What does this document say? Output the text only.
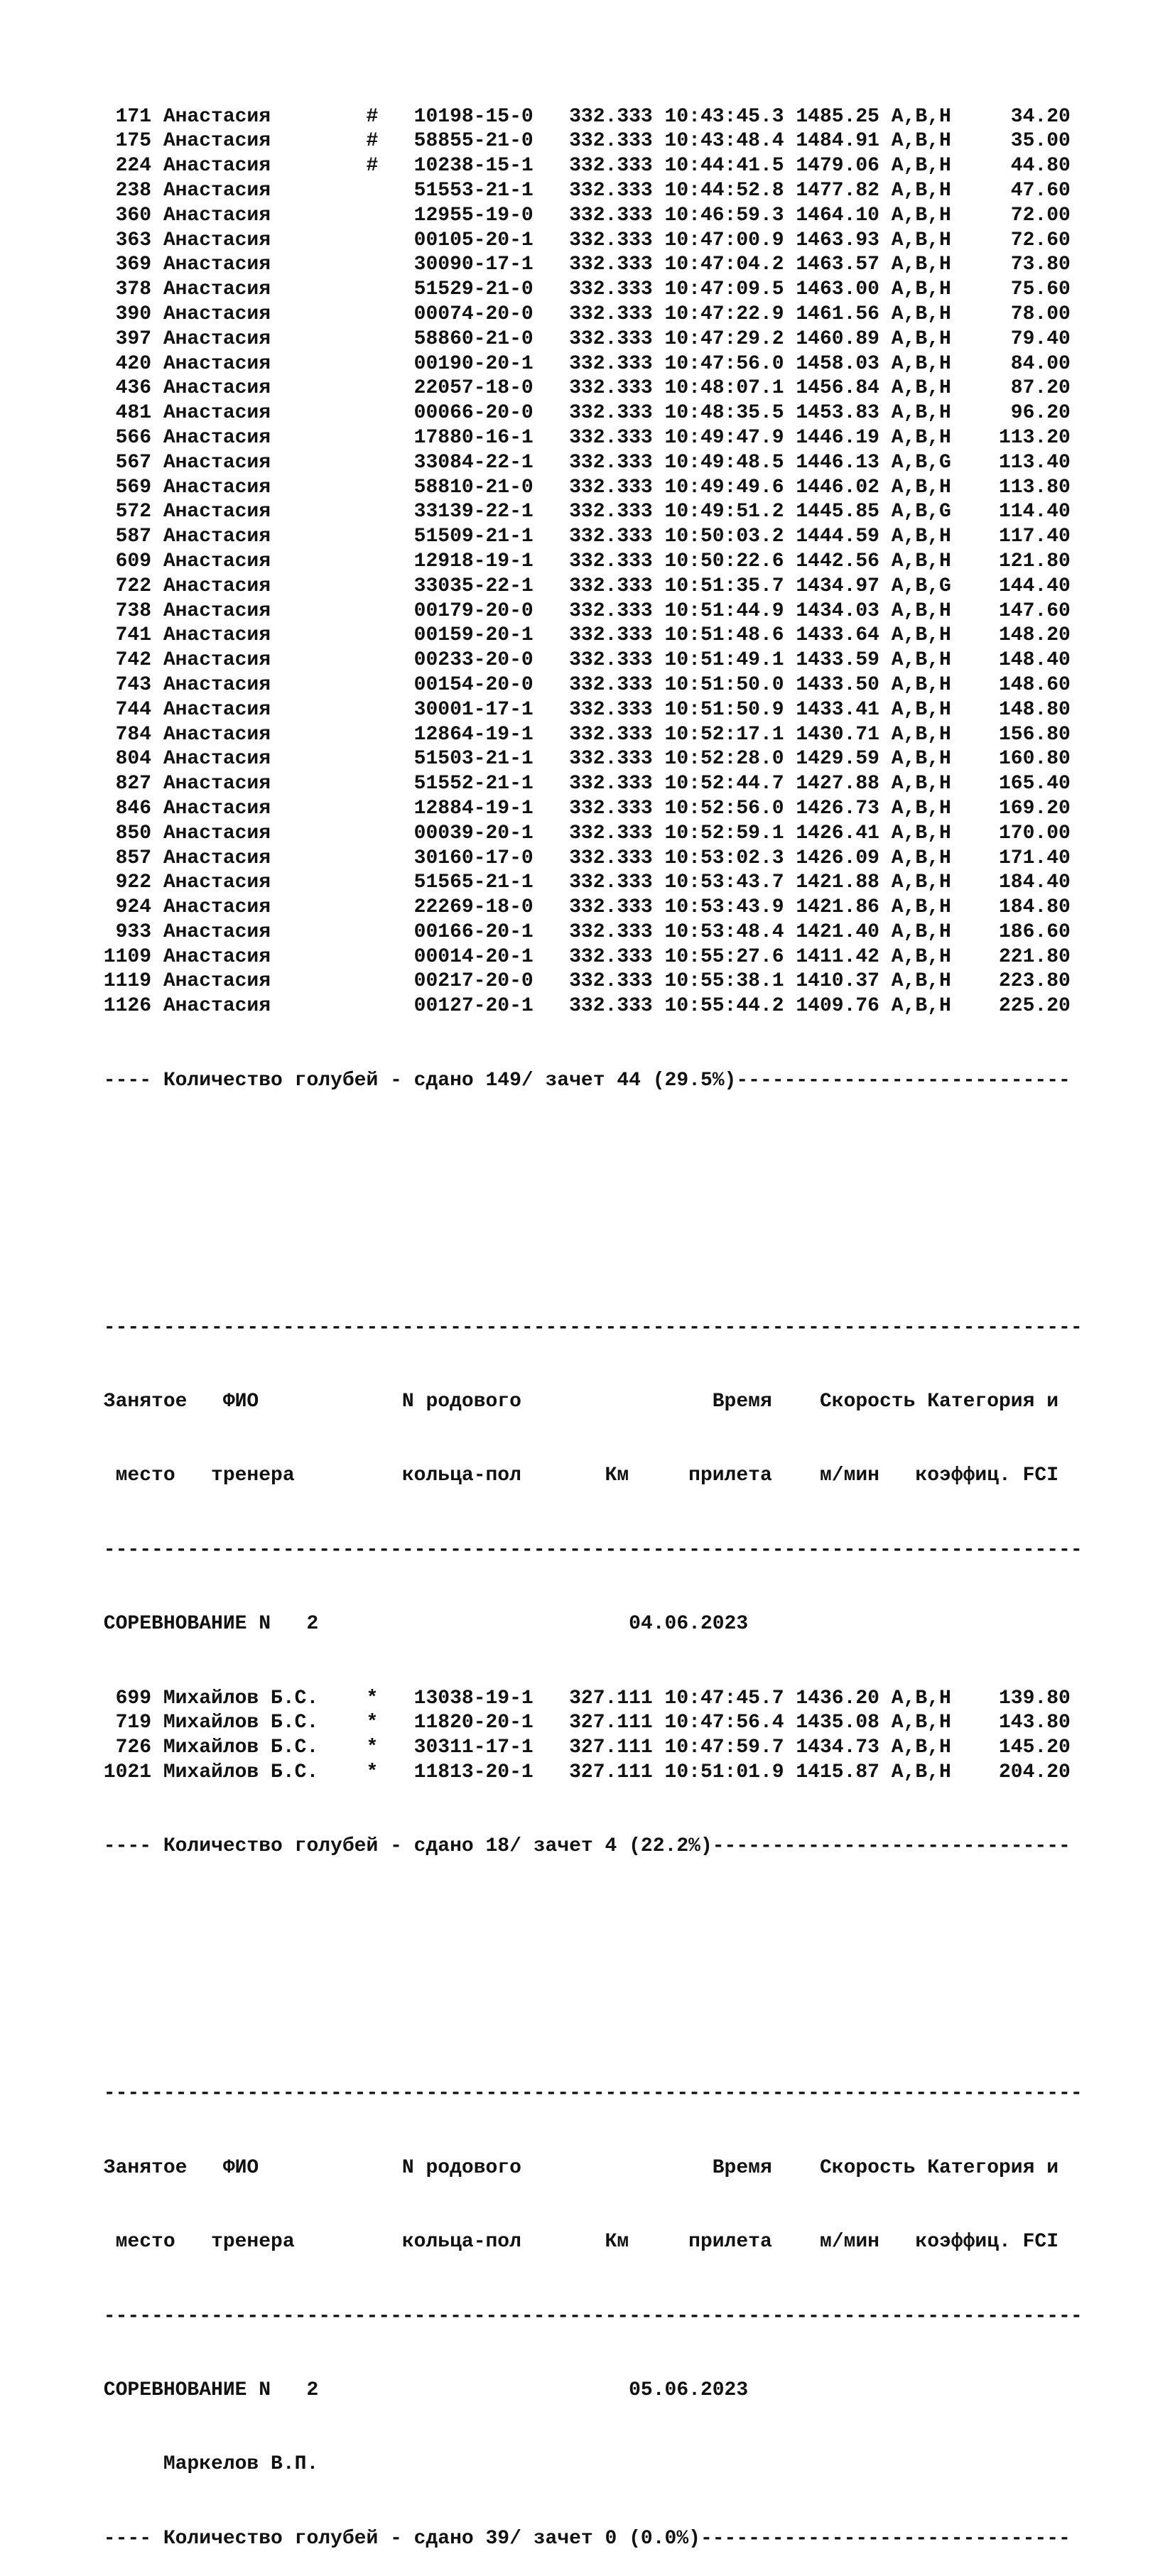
171 Анастасия        #   10198-15-0   332.333 10:43:45.3 1485.25 A,B,H     34.20
175 Анастасия        #   58855-21-0   332.333 10:43:48.4 1484.91 A,B,H     35.00
224 Анастасия        #   10238-15-1   332.333 10:44:41.5 1479.06 A,B,H     44.80
238 Анастасия            51553-21-1   332.333 10:44:52.8 1477.82 A,B,H     47.60
360 Анастасия            12955-19-0   332.333 10:46:59.3 1464.10 A,B,H     72.00
363 Анастасия            00105-20-1   332.333 10:47:00.9 1463.93 A,B,H     72.60
369 Анастасия            30090-17-1   332.333 10:47:04.2 1463.57 A,B,H     73.80
378 Анастасия            51529-21-0   332.333 10:47:09.5 1463.00 A,B,H     75.60
390 Анастасия            00074-20-0   332.333 10:47:22.9 1461.56 A,B,H     78.00
397 Анастасия            58860-21-0   332.333 10:47:29.2 1460.89 A,B,H     79.40
420 Анастасия            00190-20-1   332.333 10:47:56.0 1458.03 A,B,H     84.00
436 Анастасия            22057-18-0   332.333 10:48:07.1 1456.84 A,B,H     87.20
481 Анастасия            00066-20-0   332.333 10:48:35.5 1453.83 A,B,H     96.20
566 Анастасия            17880-16-1   332.333 10:49:47.9 1446.19 A,B,H    113.20
567 Анастасия            33084-22-1   332.333 10:49:48.5 1446.13 A,B,G    113.40
569 Анастасия            58810-21-0   332.333 10:49:49.6 1446.02 A,B,H    113.80
572 Анастасия            33139-22-1   332.333 10:49:51.2 1445.85 A,B,G    114.40
587 Анастасия            51509-21-1   332.333 10:50:03.2 1444.59 A,B,H    117.40
609 Анастасия            12918-19-1   332.333 10:50:22.6 1442.56 A,B,H    121.80
722 Анастасия            33035-22-1   332.333 10:51:35.7 1434.97 A,B,G    144.40
738 Анастасия            00179-20-0   332.333 10:51:44.9 1434.03 A,B,H    147.60
741 Анастасия            00159-20-1   332.333 10:51:48.6 1433.64 A,B,H    148.20
742 Анастасия            00233-20-0   332.333 10:51:49.1 1433.59 A,B,H    148.40
743 Анастасия            00154-20-0   332.333 10:51:50.0 1433.50 A,B,H    148.60
744 Анастасия            30001-17-1   332.333 10:51:50.9 1433.41 A,B,H    148.80
784 Анастасия            12864-19-1   332.333 10:52:17.1 1430.71 A,B,H    156.80
804 Анастасия            51503-21-1   332.333 10:52:28.0 1429.59 A,B,H    160.80
827 Анастасия            51552-21-1   332.333 10:52:44.7 1427.88 A,B,H    165.40
846 Анастасия            12884-19-1   332.333 10:52:56.0 1426.73 A,B,H    169.20
850 Анастасия            00039-20-1   332.333 10:52:59.1 1426.41 A,B,H    170.00
857 Анастасия            30160-17-0   332.333 10:53:02.3 1426.09 A,B,H    171.40
922 Анастасия            51565-21-1   332.333 10:53:43.7 1421.88 A,B,H    184.40
924 Анастасия            22269-18-0   332.333 10:53:43.9 1421.86 A,B,H    184.80
933 Анастасия            00166-20-1   332.333 10:53:48.4 1421.40 A,B,H    186.60
1109 Анастасия            00014-20-1   332.333 10:55:27.6 1411.42 A,B,H    221.80
1119 Анастасия            00217-20-0   332.333 10:55:38.1 1410.37 A,B,H    223.80
1126 Анастасия            00127-20-1   332.333 10:55:44.2 1409.76 A,B,H    225.20

---- Количество голубей - сдано 149/ зачет 44 (29.5%)----------------------------

----------------------------------------------------------------------------------

Занятое   ФИО            N родового                Время    Скорость Категория и

место   тренера         кольца-пол       Км     прилета    м/мин   коэффиц. FCI

----------------------------------------------------------------------------------

СОРЕВНОВАНИЕ N   2                          04.06.2023

699 Михайлов Б.С.    *   13038-19-1   327.111 10:47:45.7 1436.20 A,B,H    139.80
719 Михайлов Б.С.    *   11820-20-1   327.111 10:47:56.4 1435.08 A,B,H    143.80
726 Михайлов Б.С.    *   30311-17-1   327.111 10:47:59.7 1434.73 A,B,H    145.20
1021 Михайлов Б.С.    *   11813-20-1   327.111 10:51:01.9 1415.87 A,B,H    204.20

---- Количество голубей - сдано 18/ зачет 4 (22.2%)------------------------------

----------------------------------------------------------------------------------

Занятое   ФИО            N родового                Время    Скорость Категория и

место   тренера         кольца-пол       Км     прилета    м/мин   коэффиц. FCI

----------------------------------------------------------------------------------

СОРЕВНОВАНИЕ N   2                          05.06.2023

Маркелов В.П.

---- Количество голубей - сдано 39/ зачет 0 (0.0%)-------------------------------
